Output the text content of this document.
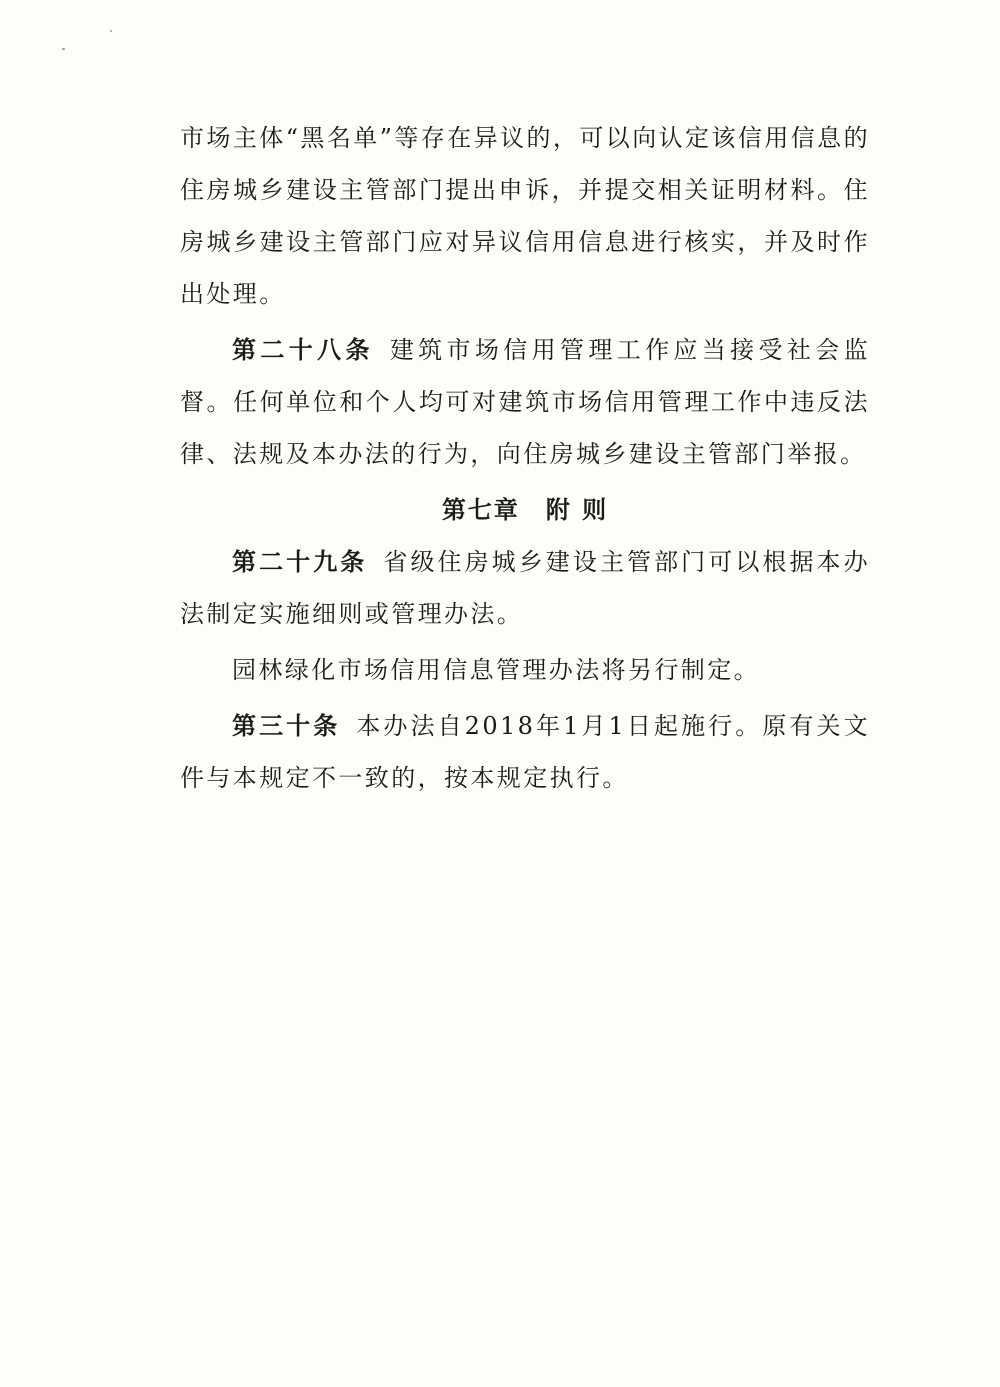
市场主体“黑名单”等存在异议的，可以向认定该信用信息的住房城乡建设主管部门提出申诉，并提交相关证明材料。住房城乡建设主管部门应对异议信用信息进行核实，并及时作出处理。

第二十八条 建筑市场信用管理工作应当接受社会监督。任何单位和个人均可对建筑市场信用管理工作中违反法律、法规及本办法的行为，向住房城乡建设主管部门举报。

第七章 附 则

第二十九条 省级住房城乡建设主管部门可以根据本办法制定实施细则或管理办法。

园林绿化市场信用信息管理办法将另行制定。

第三十条 本办法自2018年1月1日起施行。原有关文件与本规定不一致的，按本规定执行。
